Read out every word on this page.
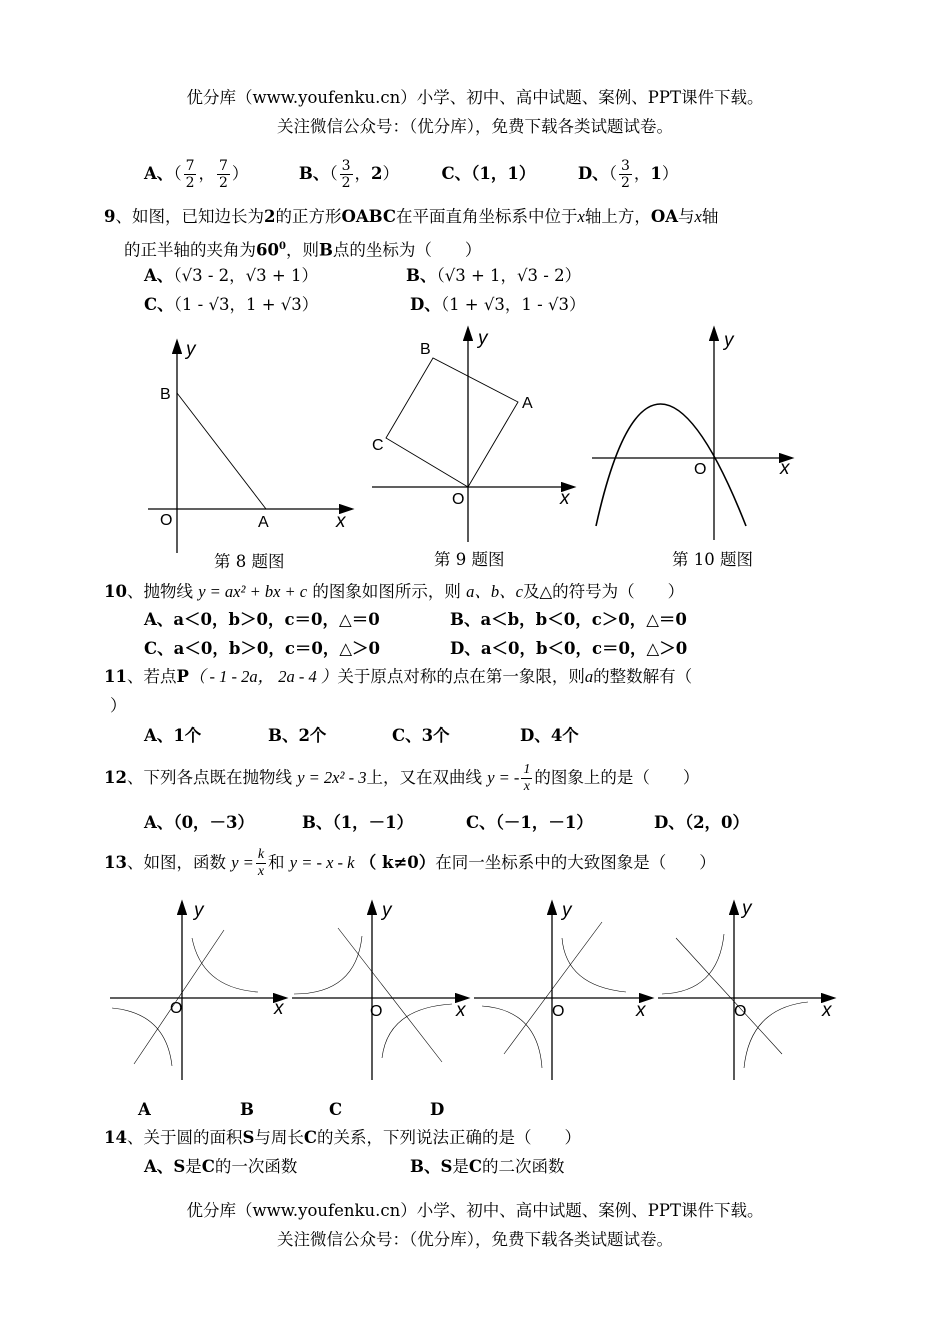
优分库（www.youfenku.cn）小学、初中、高中试题、案例、PPT课件下载。
关注微信公众号：（优分库），免费下载各类试题试卷。
A、（ $\frac{7}{2}$ ， $\frac{7}{2}$ ）	B、（ $\frac{3}{2}$ ，2）  C、（1，1）	D、（ $\frac{3}{2}$ ，1）
9、如图，已知边长为2的正方形OABC在平面直角坐标系中位于x轴上方，OA与x轴
的正半轴的夹角为$60^0$，则B点的坐标为（　　）
A、（√3 - 2，√3 + 1）	B、（√3 + 1，√3 - 2）
C、（1 - √3，1 + √3）	D、（1 + √3，1 - √3）
y
x
B
O	A
第 8 题图
y
x
B
A
C
O
第 9 题图
y
x
O
第 10 题图
10、抛物线 y = ax² + bx + c 的图象如图所示，则 a、b、c及△的符号为（　　）
A、a＜0，b＞0，c＝0，△＝0	B、a＜b，b＜0，c＞0，△＝0
C、a＜0，b＞0，c＝0，△＞0	D、a＜0，b＜0，c＝0，△＞0
11、若点P（ - 1 - 2a， 2a - 4 ）关于原点对称的点在第一象限，则a的整数解有（
）
A、1个	B、2个	C、3个	D、4个
12、下列各点既在抛物线 y = 2x² - 3上，又在双曲线 y = - $\frac{1}{x}$ 的图象上的是（　　）
A、（0，－3）	B、（1，－1）	C、（－1，－1）	D、（2，0）
13、如图，函数 $y = \frac{k}{x}$ 和 y = - x - k （ k≠0）在同一坐标系中的大致图象是（　　）
y
x
O
y
x
O
y
x
O
y
x
O
A	B	C	D
14、关于圆的面积S与周长C的关系，下列说法正确的是（　　）
A、S是C的一次函数	B、S是C的二次函数
优分库（www.youfenku.cn）小学、初中、高中试题、案例、PPT课件下载。
关注微信公众号：（优分库），免费下载各类试题试卷。
